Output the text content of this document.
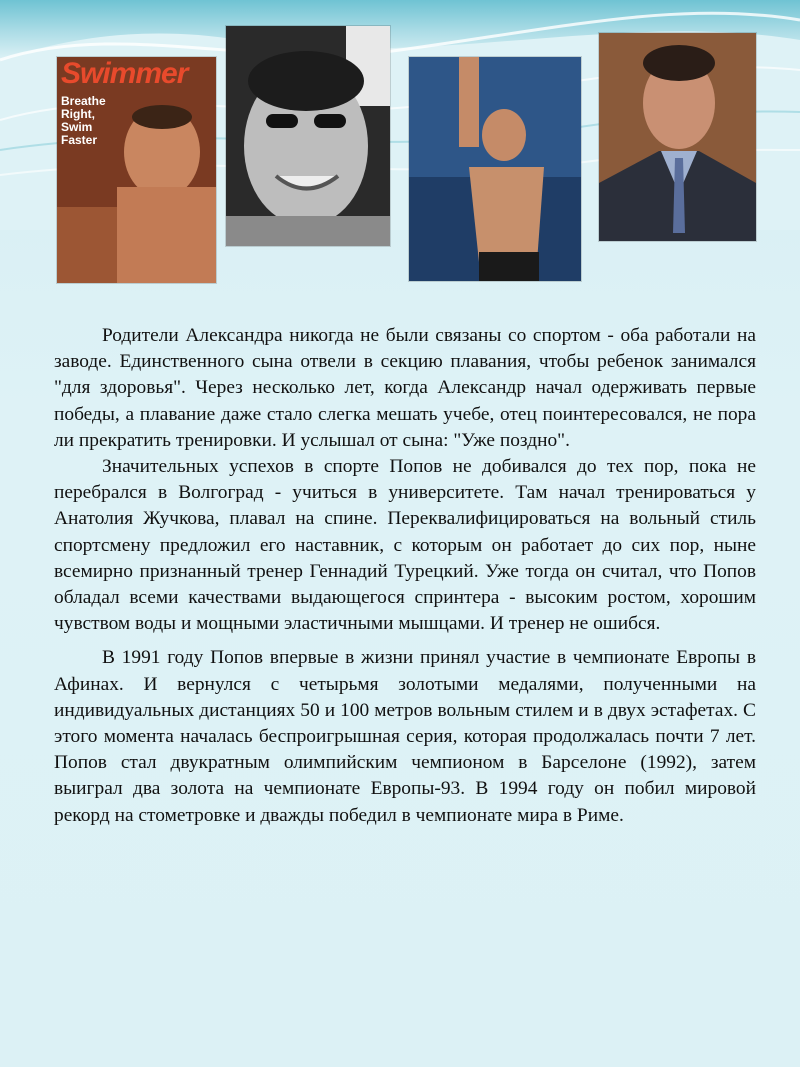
Swimmer
Breathe
Right,
Swim
Faster

Родители Александра никогда не были связаны со спортом - оба работали на заводе. Единственного сына отвели в секцию плавания, чтобы ребенок занимался "для здоровья". Через несколько лет, когда Александр начал одерживать первые победы, а плавание даже стало слегка мешать учебе, отец поинтересовался, не пора ли прекратить тренировки. И услышал от сына: "Уже поздно".

Значительных успехов в спорте Попов не добивался до тех пор, пока не перебрался в Волгоград - учиться в университете. Там начал тренироваться у Анатолия Жучкова, плавал на спине. Переквалифицироваться на вольный стиль спортсмену предложил его наставник, с которым он работает до сих пор, ныне всемирно признанный тренер Геннадий Турецкий. Уже тогда он считал, что Попов обладал всеми качествами выдающегося спринтера - высоким ростом, хорошим чувством воды и мощными эластичными мышцами. И тренер не ошибся.

В 1991 году Попов впервые в жизни принял участие в чемпионате Европы в Афинах. И вернулся с четырьмя золотыми медалями, полученными на индивидуальных дистанциях 50 и 100 метров вольным стилем и в двух эстафетах. С этого момента началась беспроигрышная серия, которая продолжалась почти 7 лет. Попов стал двукратным олимпийским чемпионом в Барселоне (1992), затем выиграл два золота на чемпионате Европы-93. В 1994 году он побил мировой рекорд на стометровке и дважды победил в чемпионате мира в Риме.
